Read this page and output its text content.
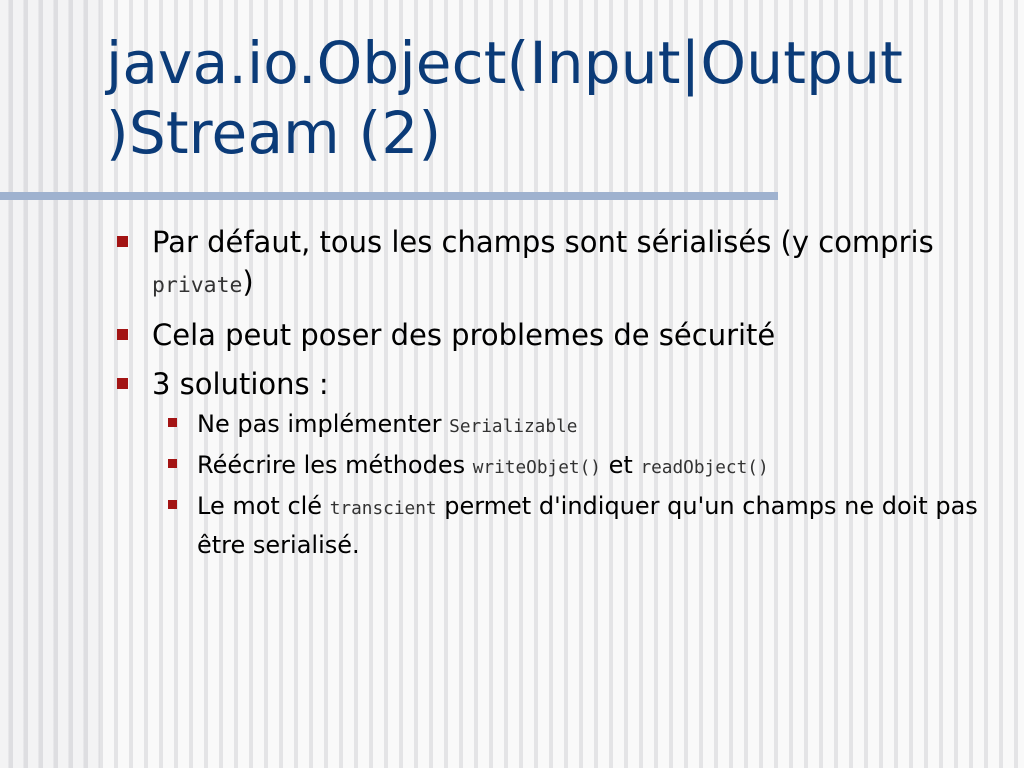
java.io.Object(Input|Output
)Stream (2)
Par défaut, tous les champs sont sérialisés (y compris private)
Cela peut poser des problemes de sécurité
3 solutions :
Ne pas implémenter Serializable
Réécrire les méthodes writeObjet() et readObject()
Le mot clé transcient permet d'indiquer qu'un champs ne doit pas être serialisé.
